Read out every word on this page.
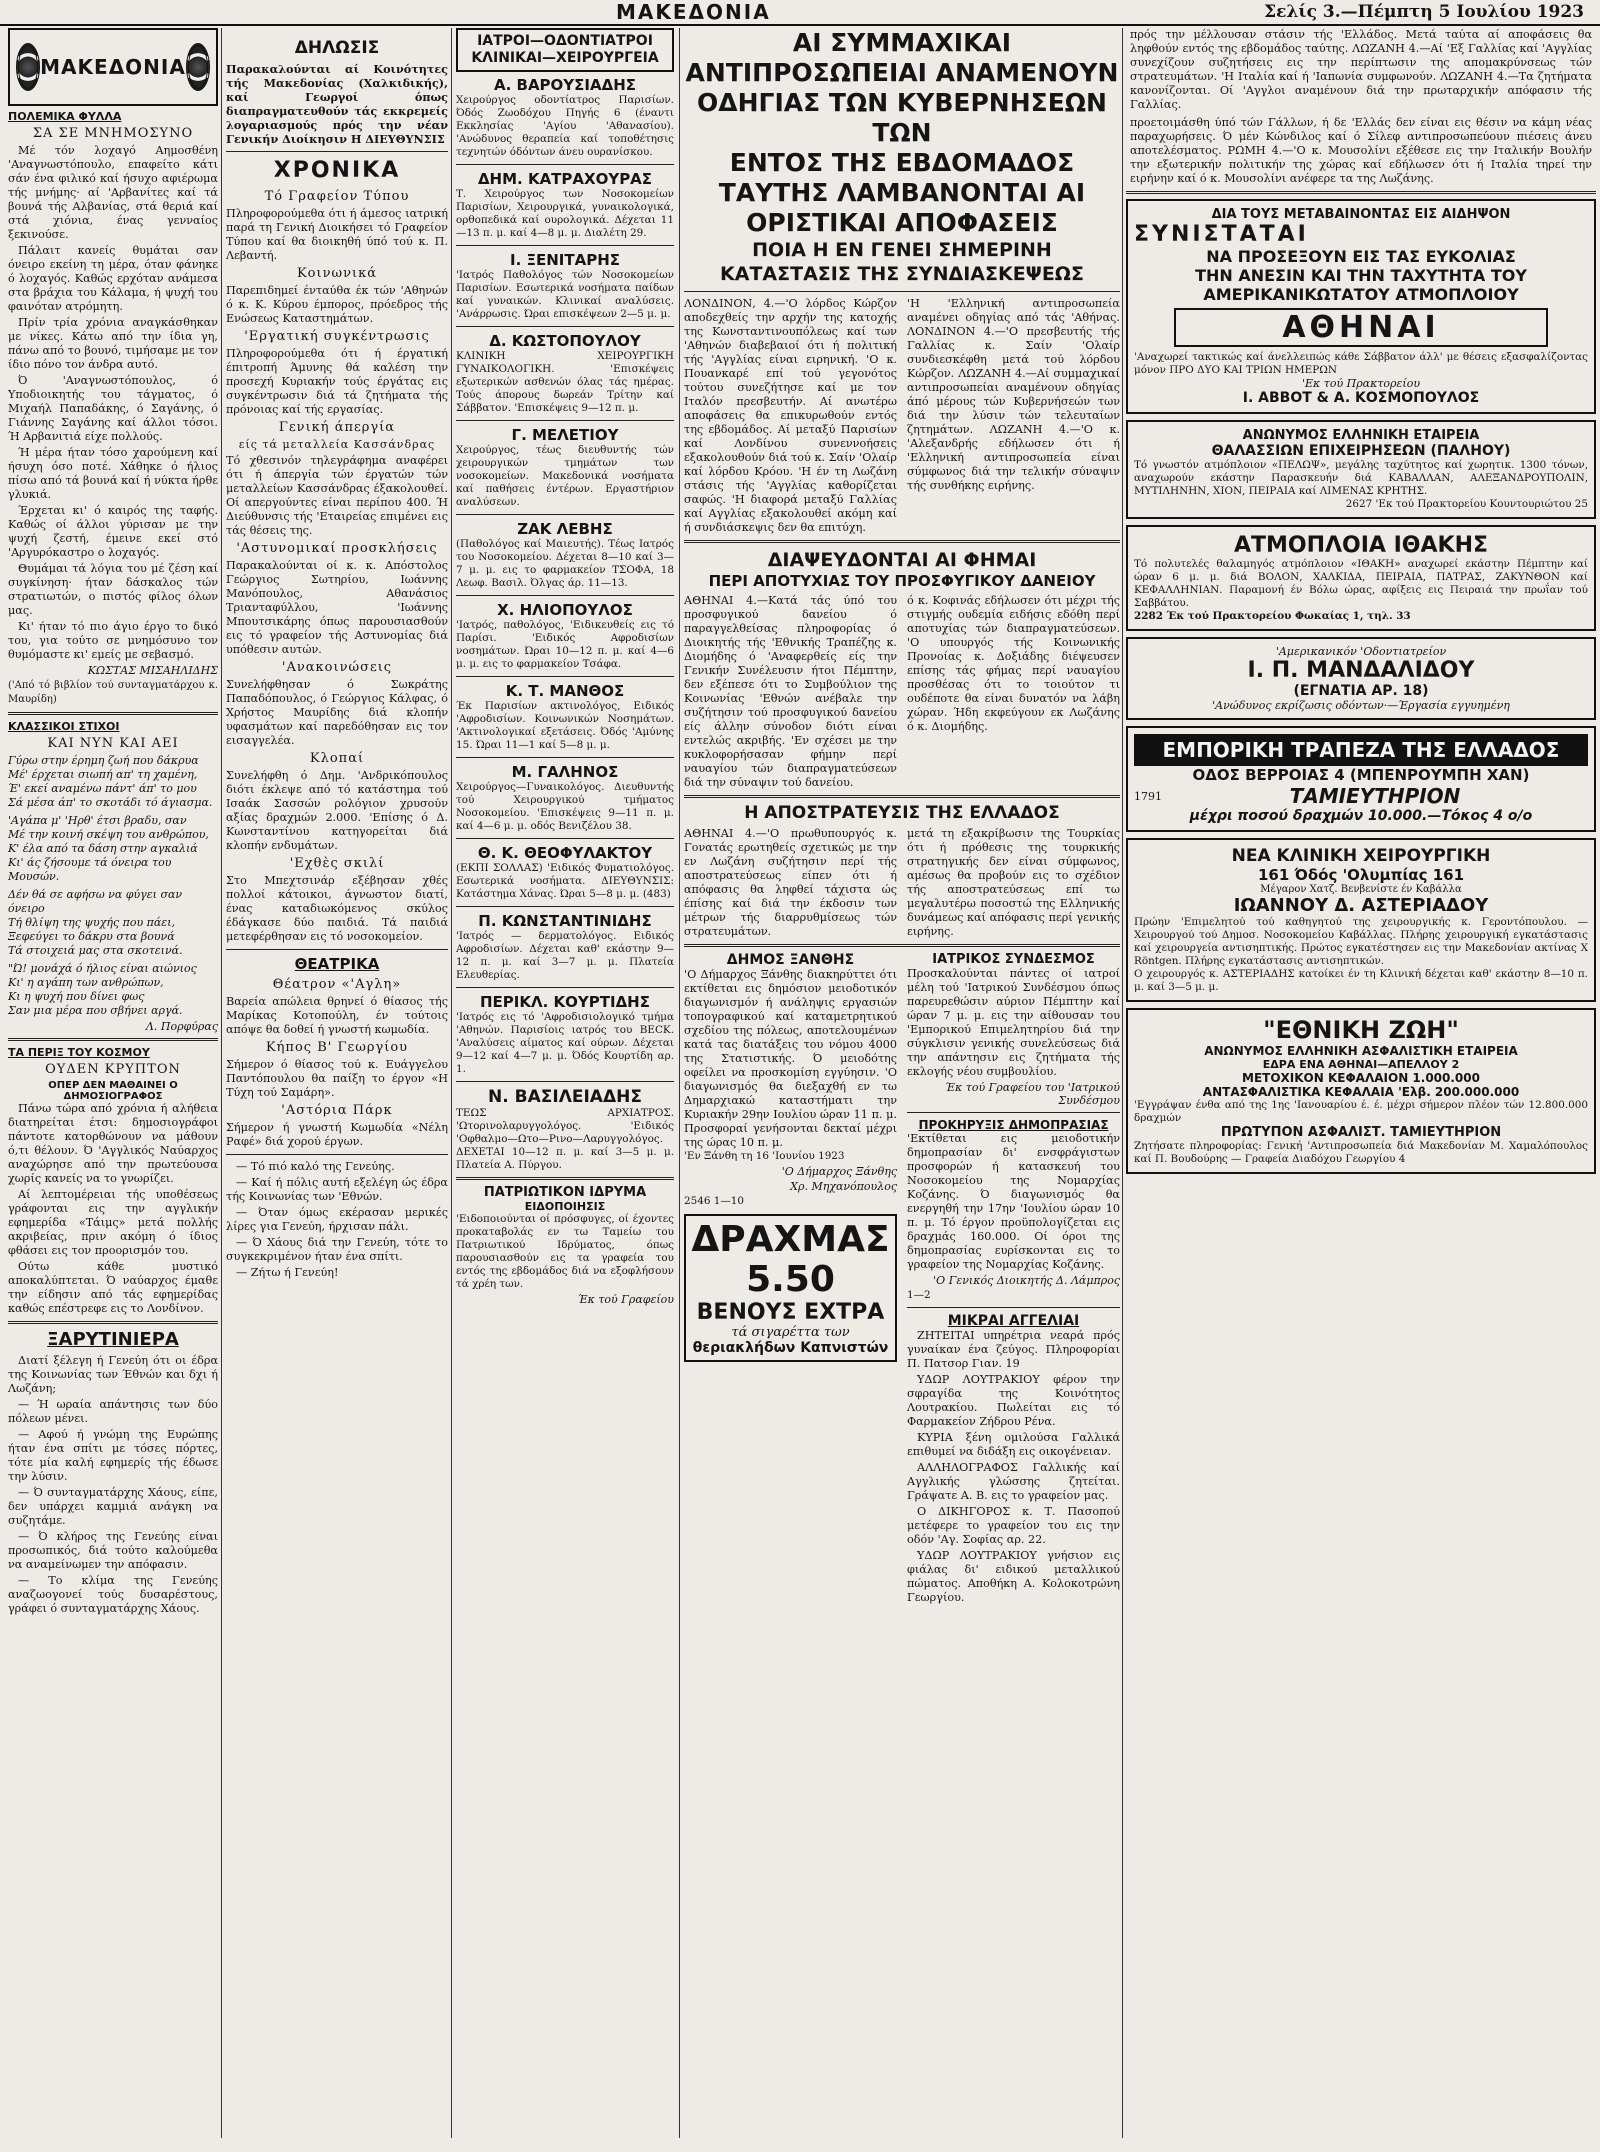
ΜΑΚΕΔΟΝΙΑ	Σελίς 3.—Πέμπτη 5 Ιουλίου 1923
ΜΑΚΕΔΟΝΙΑ
ΠΟΛΕΜΙΚΑ ΦΥΛΛΑ
ΣΑ ΣΕ ΜΝΗΜΟΣΥΝΟ

Μέ τόν λοχαγό Αημοσθένη 'Αναγνωστόπουλο, επαφείτο κάτι σάν ένα φιλικό καί ήσυχο αφιέρωμα τής μνήμης· αί 'Αρβανίτες καί τά βουνά τής Αλβανίας, στά θεριά καί στά χιόνια, ένας γενναίος ξεκινούσε.

Πάλαιτ κανείς θυμάται σαν όνειρο εκείνη τη μέρα, όταν φάνηκε ό λοχαγός. Καθώς ερχόταν ανάμεσα στα βράχια του Κάλαμα, ή ψυχή του φαινόταν ατρόμητη.

Πρίν τρία χρόνια αναγκάσθηκαν με νίκες. Κάτω από την ίδια γη, πάνω από το βουνό, τιμήσαμε με τον ίδιο πόνο τον άνδρα αυτό.

Ό 'Αναγνωστόπουλος, ό Υποδιοικητής του τάγματος, ό Μιχαήλ Παπαδάκης, ό Σαγάνης, ό Γιάννης Σαγάνης καί άλλοι τόσοι. Ή Αρβανιτιά είχε πολλούς.

Ή μέρα ήταν τόσο χαρούμενη καί ήσυχη όσο ποτέ. Χάθηκε ό ήλιος πίσω από τά βουνά καί ή νύκτα ήρθε γλυκιά.

Έρχεται κι' ό καιρός της ταφής. Καθώς οί άλλοι γύρισαν με την ψυχή ζεστή, έμεινε εκεί στό 'Αργυρόκαστρο ο λοχαγός.

Θυμάμαι τά λόγια του μέ ζέση καί συγκίνηση· ήταν δάσκαλος τών στρατιωτών, ο πιστός φίλος όλων μας.

Κι' ήταν τό πιο άγιο έργο το δικό του, για τούτο σε μνημόσυνο τον θυμόμαστε κι' εμείς με σεβασμό.

ΚΩΣΤΑΣ ΜΙΣΑΗΛΙΔΗΣ
('Από τό βιβλίον τού συνταγματάρχου κ. Μαυρίδη)
ΚΛΑΣΣΙΚΟΙ ΣΤΙΧΟΙ
ΚΑΙ ΝΥΝ ΚΑΙ ΑΕΙ
Γύρω στην έρημη ζωή που δάκρυα
Μέ' έρχεται σιωπή απ' τη χαμένη,
Έ' εκεί αναμένω πάντ' άπ' το μου
Σά μέσα άπ' το σκοτάδι τό άγιασμα.
'Αγάπα μ' 'Ηρθ' έτσι βραδυ, σαν
Μέ την κοινή σκέψη του ανθρώπου,
Κ' έλα από τα δάση στην αγκαλιά
Κι' άς ζήσουμε τά όνειρα του Μουσών.
Δέν θά σε αφήσω να φύγει σαν όνειρο
Τή θλίψη της ψυχής που πάει,
Ξεφεύγει το δάκρυ στα βουνά
Τά στοιχειά μας στα σκοτεινά.
"Ώ! μονάχά ό ήλιος είναι αιώνιος
Κι' η αγάπη των ανθρώπων,
Κι η ψυχή που δίνει φως
Σαν μια μέρα που σβήνει αργά.
Λ. Πορφύρας
ΤΑ ΠΕΡΙΞ ΤΟΥ ΚΟΣΜΟΥ
ΟΥΔΕΝ ΚΡΥΠΤΟΝ
ΟΠΕΡ ΔΕΝ ΜΑΘΑΙΝΕΙ Ο ΔΗΜΟΣΙΟΓΡΑΦΟΣ

Πάνω τώρα από χρόνια ή αλήθεια διατηρείται έτσι: δημοσιογράφοι πάντοτε κατορθώνουν να μάθουν ό,τι θέλουν. Ό 'Αγγλικός Ναύαρχος αναχώρησε από την πρωτεύουσα χωρίς κανείς να το γνωρίζει.

Αί λεπτομέρειαι τής υποθέσεως γράφονται εις την αγγλικήν εφημερίδα «Τάιμς» μετά πολλής ακριβείας, πριν ακόμη ό ίδιος φθάσει εις τον προορισμόν του.

Ούτω κάθε μυστικό αποκαλύπτεται. Ό ναύαρχος έμαθε την είδησιν από τάς εφημερίδας καθώς επέστρεφε εις το Λονδίνον.

ΞΑΡΥΤΙΝΙΕΡΑ

Διατί ξέλεγη ή Γενεύη ότι οι έδρα της Κοινωνίας των Έθνών και δχι ή Λωζάνη;

— Ή ωραία απάντησις των δύο πόλεων μένει.

— Αφού ή γνώμη της Ευρώπης ήταν ένα σπίτι με τόσες πόρτες, τότε μία καλή εφημερίς τής έδωσε την λύσιν.

— Ό συνταγματάρχης Χάους, είπε, δεν υπάρχει καμμιά ανάγκη να συζητάμε.

— Ό κλήρος της Γενεύης είναι προσωπικός, διά τούτο καλούμεθα να αναμείνωμεν την απόφασιν.

— Το κλίμα της Γενεύης αναζωογονεί τούς δυσαρέστους, γράφει ό συνταγματάρχης Χάους.

ΔΗΛΩΣΙΣ
Παρακαλούνται αί Κοινότητες τής Μακεδονίας (Χαλκιδικής), καί Γεωργοί όπως διαπραγματευθούν τάς εκκρεμείς λογαριασμούς πρός την νέαν Γενικήν Διοίκησιν Η ΔΙΕΥΘΥΝΣΙΣ
ΧΡΟΝΙΚΑ
Τό Γραφείον Τύπου
Πληροφορούμεθα ότι ή άμεσος ιατρική παρά τη Γενική Διοικήσει τό Γραφείον Τύπου καί θα διοικηθή ύπό τού κ. Π. Λεβαντή.
Κοινωνικά
Παρεπιδημεί ένταύθα έκ τών 'Αθηνών ό κ. Κ. Κύρου έμπορος, πρόεδρος τής Ενώσεως Καταστημάτων.
'Εργατική συγκέντρωσις
Πληροφορούμεθα ότι ή έργατική έπιτροπή Άμυνης θά καλέση την προσεχή Κυριακήν τούς έργάτας εις συγκέντρωσιν διά τά ζητήματα τής πρόνοιας καί τής εργασίας.
Γενική άπεργία
είς τά μεταλλεία Κασσάνδρας
Τό χθεσινόν τηλεγράφημα αναφέρει ότι ή άπεργία τών έργατών τών μεταλλείων Κασσάνδρας έξακολουθεί. Οί απεργούντες είναι περίπου 400. Ή Διεύθυνσις τής 'Εταιρείας επιμένει εις τάς θέσεις της.
'Αστυνομικαί προσκλήσεις
Παρακαλούνται οί κ. κ. Απόστολος Γεώργιος Σωτηρίου, Ιωάννης Μανόπουλος, Αθανάσιος Τριανταφύλλου, 'Ιωάννης Μπουτσικάρης όπως παρουσιασθούν εις τό γραφείον τής Αστυνομίας διά υπόθεσιν αυτών.
'Ανακοινώσεις
Συνελήφθησαν ό Σωκράτης Παπαδόπουλος, ό Γεώργιος Κάλφας, ό Χρήστος Μαυρίδης διά κλοπήν υφασμάτων καί παρεδόθησαν εις τον εισαγγελέα.
Κλοπαί
Συνελήφθη ό Δημ. 'Ανδρικόπουλος διότι έκλεψε από τό κατάστημα τού Ισαάκ Σασσών ρολόγιον χρυσούν αξίας δραχμών 2.000. 'Επίσης ό Δ. Κωνσταντίνου κατηγορείται διά κλοπήν ενδυμάτων.
'Εχθὲς σκιλί
Στο Μπεχτσινάρ εξέβησαν χθές πολλοί κάτοικοι, άγνωστον διατί, ένας καταδιωκόμενος σκύλος έδάγκασε δύο παιδιά. Τά παιδιά μετεφέρθησαν εις τό νοσοκομείον.
ΘΕΑΤΡΙΚΑ
Θέατρον «'Αγλη»
Βαρεία απώλεια θρηνεί ό θίασος τής Μαρίκας Κοτοπούλη, έν τούτοις απόψε θα δοθεί ή γνωστή κωμωδία.
Κήπος Β' Γεωργίου
Σήμερον ό θίασος τού κ. Ευάγγελου Παντόπουλου θα παίξη το έργον «Η Τύχη τού Σαμάρη».
'Αστόρια Πάρκ
Σήμερον ή γνωστή Κωμωδία «Νέλη Ραφέ» διά χορού έργων.

— Τό πιό καλό της Γενεύης.

— Καί ή πόλις αυτή εξελέγη ώς έδρα τής Κοινωνίας των 'Εθνών.

— Όταν όμως εκέρασαν μερικές λίρες για Γενεύη, ήρχισαν πάλι.

— Ό Χάους διά την Γενεύη, τότε το συγκεκριμένον ήταν ένα σπίτι.

— Ζήτω ή Γενεύη!

ΙΑΤΡΟΙ—ΟΔΟΝΤΙΑΤΡΟΙ ΚΛΙΝΙΚΑΙ—ΧΕΙΡΟΥΡΓΕΙΑ
Α. ΒΑΡΟΥΣΙΑΔΗΣ
Χειρούργος οδοντίατρος Παρισίων. Όδός Ζωοδόχου Πηγής 6 (έναντι Εκκλησίας 'Αγίου 'Αθανασίου). 'Ανώδυνος θεραπεία καί τοποθέτησις τεχνητών όδόντων άνευ ουρανίσκου.
ΔΗΜ. ΚΑΤΡΑΧΟΥΡΑΣ
Τ. Χειρούργος των Νοσοκομείων Παρισίων, Χειρουργικά, γυναικολογικά, ορθοπεδικά καί ουρολογικά. Δέχεται 11—13 π. μ. καί 4—8 μ. μ. Διαλέτη 29.
Ι. ΞΕΝΙΤΑΡΗΣ
'Ιατρός Παθολόγος τών Νοσοκομείων Παρισίων. Εσωτερικά νοσήματα παίδων καί γυναικών. Κλινικαί αναλύσεις. 'Ανάρρωσις. Ώραι επισκέψεων 2—5 μ. μ.
Δ. ΚΩΣΤΟΠΟΥΛΟΥ
ΚΛΙΝΙΚΗ ΧΕΙΡΟΥΡΓΙΚΗ ΓΥΝΑΙΚΟΛΟΓΙΚΗ. 'Επισκέψεις εξωτερικών ασθενών όλας τάς ημέρας. Τούς άπορους δωρεάν Τρίτην καί Σάββατον. 'Επισκέψεις 9—12 π. μ.
Γ. ΜΕΛΕΤΙΟΥ
Χειρούργος, τέως διευθυντής τών χειρουργικών τμημάτων των νοσοκομείων. Μακεδονικά νοσήματα καί παθήσεις έντέρων. Εργαστήριον αναλύσεων.
ΖΑΚ ΛΕΒΗΣ
(Παθολόγος καί Μαιευτής). Τέως Ιατρός του Νοσοκομείου. Δέχεται 8—10 καί 3—7 μ. μ. εις το φαρμακείον ΤΣΟΦΑ, 18 Λεωφ. Βασιλ. Όλγας άρ. 11—13.
Χ. ΗΛΙΟΠΟΥΛΟΣ
'Ιατρός, παθολόγος, 'Ειδικευθείς εις τό Παρίσι. 'Ειδικός Αφροδισίων νοσημάτων. Ώραι 10—12 π. μ. καί 4—6 μ. μ. εις το φαρμακείον Τσάφα.
Κ. Τ. ΜΑΝΘΟΣ
Έκ Παρισίων ακτινολόγος, Ειδικός 'Αφροδισίων. Κοινωνικών Νοσημάτων. 'Ακτινολογικαί εξετάσεις. Όδός 'Αμύνης 15. Ώραι 11—1 καί 5—8 μ. μ.
Μ. ΓΑΛΗΝΟΣ
Χειρούργος—Γυναικολόγος. Διευθυντής τού Χειρουργικού τμήματος Νοσοκομείου. 'Επισκέψεις 9—11 π. μ. καί 4—6 μ. μ. οδός Βενιζέλου 38.
Θ. Κ. ΘΕΟΦΥΛΑΚΤΟΥ
(ΕΚΠΙ ΣΟΛΛΑΣ) 'Ειδικός Φυματιολόγος. Εσωτερικά νοσήματα. ΔΙΕΥΘΥΝΣΙΣ: Κατάστημα Χάνας. Ώραι 5—8 μ. μ. (483)
Π. ΚΩΝΣΤΑΝΤΙΝΙΔΗΣ
'Ιατρός — δερματολόγος. Ειδικός Αφροδισίων. Δέχεται καθ' εκάστην 9—12 π. μ. καί 3—7 μ. μ. Πλατεία Ελευθερίας.
ΠΕΡΙΚΛ. ΚΟΥΡΤΙΔΗΣ
'Ιατρός εις τό 'Αφροδισιολογικό τμήμα 'Αθηνών. Παρισίοις ιατρός του BECK. 'Αναλύσεις αίματος καί ούρων. Δέχεται 9—12 καί 4—7 μ. μ. Όδός Κουρτίδη αρ. 1.
N. ΒΑΣΙΛΕΙΑΔΗΣ
ΤΕΩΣ ΑΡΧΙΑΤΡΟΣ. 'Ωτορινολαρυγγολόγος. 'Ειδικός 'Οφθαλμο—Ωτο—Ρινο—Λαρυγγολόγος. ΔΕΧΕΤΑΙ 10—12 π. μ. καί 3—5 μ. μ. Πλατεία Α. Πύργου.
ΠΑΤΡΙΩΤΙΚΟΝ ΙΔΡΥΜΑ
ΕΙΔΟΠΟΙΗΣΙΣ
'Ειδοποιούνται οί πρόσφυγες, οί έχοντες προκαταβολάς εν τω Ταμείω του Πατριωτικού Ιδρύματος, όπως παρουσιασθούν εις τα γραφεία του εντός της εβδομάδος διά να εξοφλήσουν τά χρέη των.
Έκ τού Γραφείου
ΑΙ ΣΥΜΜΑΧΙΚΑΙ ΑΝΤΙΠΡΟΣΩΠΕΙΑΙ ΑΝΑΜΕΝΟΥΝ ΟΔΗΓΙΑΣ ΤΩΝ ΚΥΒΕΡΝΗΣΕΩΝ ΤΩΝ
ΕΝΤΟΣ ΤΗΣ ΕΒΔΟΜΑΔΟΣ ΤΑΥΤΗΣ ΛΑΜΒΑΝΟΝΤΑΙ ΑΙ ΟΡΙΣΤΙΚΑΙ ΑΠΟΦΑΣΕΙΣ
ΠΟΙΑ Η ΕΝ ΓΕΝΕΙ ΣΗΜΕΡΙΝΗ ΚΑΤΑΣΤΑΣΙΣ ΤΗΣ ΣΥΝΔΙΑΣΚΕΨΕΩΣ
ΛΟΝΔΙΝΟΝ, 4.—'Ο λόρδος Κώρζον αποδεχθείς την αρχήν της κατοχής της Κωνσταντινουπόλεως καί των 'Αθηνών διαβεβαιοί ότι ή πολιτική τής 'Αγγλίας είναι ειρηνική. 'Ο κ. Πουανκαρέ επί τού γεγονότος τούτου συνεζήτησε καί με τον Ιταλόν πρεσβευτήν. Αί ανωτέρω αποφάσεις θα επικυρωθούν εντός της εβδομάδος. Αί μεταξύ Παρισίων καί Λονδίνου συνεννοήσεις εξακολουθούν διά τού κ. Σαίν 'Ολαίρ καί λόρδου Κρόου. 'Η έν τη Λωζάνη στάσις τής 'Αγγλίας καθορίζεται σαφώς. 'Η διαφορά μεταξύ Γαλλίας καί Αγγλίας εξακολουθεί ακόμη καί ή συνδιάσκεψις δεν θα επιτύχη.
'Η 'Ελληνική αντιπροσωπεία αναμένει οδηγίας από τάς 'Αθήνας. ΛΟΝΔΙΝΟΝ 4.—'Ο πρεσβευτής τής Γαλλίας κ. Σαίν 'Ολαίρ συνδιεσκέφθη μετά τού λόρδου Κώρζον. ΛΩΖΑΝΗ 4.—Αί συμμαχικαί αντιπροσωπείαι αναμένουν οδηγίας άπό μέρους τών Κυβερνήσεών των διά την λύσιν τών τελευταίων ζητημάτων. ΛΩΖΑΝΗ 4.—'Ο κ. 'Αλεξανδρής εδήλωσεν ότι ή 'Ελληνική αντιπροσωπεία είναι σύμφωνος διά την τελικήν σύναψιν τής συνθήκης ειρήνης.
ΔΙΑΨΕΥΔΟΝΤΑΙ ΑΙ ΦΗΜΑΙ
ΠΕΡΙ ΑΠΟΤΥΧΙΑΣ ΤΟΥ ΠΡΟΣΦΥΓΙΚΟΥ ΔΑΝΕΙΟΥ
ΑΘΗΝΑΙ 4.—Κατά τάς ύπό του προσφυγικού δανείου ό παραγγελθείσας πληροφορίας ό Διοικητής τής 'Εθνικής Τραπέζης κ. Διομήδης ό 'Αναφερθείς είς την Γενικήν Συνέλευσιν ήτοι Πέμπτην, δεν εξέπεσε ότι το Συμβούλιον της Κοινωνίας 'Εθνών ανέβαλε την συζήτησιν τού προσφυγικού δανείου είς άλλην σύνοδον διότι είναι εντελώς ακριβής. 'Εν σχέσει με την κυκλοφορήσασαν φήμην περί ναυαγίου τών διαπραγματεύσεων διά την σύναψιν τού δανείου.
ό κ. Κοφινάς εδήλωσεν ότι μέχρι τής στιγμής ουδεμία ειδήσις εδόθη περί αποτυχίας τών διαπραγματεύσεων. 'Ο υπουργός τής Κοινωνικής Προνοίας κ. Δοξιάδης διέψευσεν επίσης τάς φήμας περί ναυαγίου προσθέσας ότι το τοιούτον τι ουδέποτε θα είναι δυνατόν να λάβη χώραν. Ήδη εκφεύγουν εκ Λωζάνης ό κ. Διομήδης.
Η ΑΠΟΣΤΡΑΤΕΥΣΙΣ ΤΗΣ ΕΛΛΑΔΟΣ
ΑΘΗΝΑΙ 4.—'Ο πρωθυπουργός κ. Γονατάς ερωτηθείς σχετικώς με την εν Λωζάνη συζήτησιν περί τής αποστρατεύσεως είπεν ότι ή απόφασις θα ληφθεί τάχιστα ώς έπίσης καί διά την έκδοσιν των μέτρων τής διαρρυθμίσεως τών στρατευμάτων.
μετά τη εξακρίβωσιν της Τουρκίας ότι ή πρόθεσις της τουρκικής στρατηγικής δεν είναι σύμφωνος, αμέσως θα προβούν εις το σχέδιον τής αποστρατεύσεως επί τω μεγαλυτέρω ποσοστώ της Ελληνικής δυνάμεως καί απόφασις περί γενικής ειρήνης.
ΔΗΜΟΣ ΞΑΝΘΗΣ
'Ο Δήμαρχος Ξάνθης διακηρύττει ότι εκτίθεται εις δημόσιον μειοδοτικόν διαγωνισμόν ή ανάληψις εργασιών τοπογραφικού καί καταμετρητικού σχεδίου της πόλεως, αποτελουμένων κατά τας διατάξεις του νόμου 4000 της Στατιστικής. Ό μειοδότης οφείλει να προσκομίση εγγύησιν. 'Ο διαγωνισμός θα διεξαχθή εν τω Δημαρχιακώ καταστήματι την Κυριακήν 29ην Ιουλίου ώραν 11 π. μ. Προσφοραί γενήσονται δεκταί μέχρι της ώρας 10 π. μ.
'Εν Ξάνθη τη 16 'Ιουνίου 1923
'Ο Δήμαρχος Ξάνθης
Χρ. Μηχανόπουλος
2546 1—10
ΔΡΑΧΜΑΣ 5.50
ΒΕΝΟΥΣ ΕΧΤΡΑ
τά σιγαρέττα των
θεριακλήδων Καπνιστών
ΙΑΤΡΙΚΟΣ ΣΥΝΔΕΣΜΟΣ
Προσκαλούνται πάντες οί ιατροί μέλη τού 'Ιατρικού Συνδέσμου όπως παρευρεθώσιν αύριον Πέμπτην καί ώραν 7 μ. μ. εις την αίθουσαν του 'Εμπορικού Επιμελητηρίου διά την σύγκλισιν γενικής συνελεύσεως διά την απάντησιν εις ζητήματα τής εκλογής νέου συμβουλίου.
Έκ τού Γραφείου του 'Ιατρικού Συνδέσμου
ΠΡΟΚΗΡΥΞΙΣ ΔΗΜΟΠΡΑΣΙΑΣ
'Εκτίθεται εις μειοδοτικήν δημοπρασίαν δι' ενσφράγιστων προσφορών ή κατασκευή του Νοσοκομείου της Νομαρχίας Κοζάνης. Ό διαγωνισμός θα ενεργηθή την 17ην 'Ιουλίου ώραν 10 π. μ. Τό έργον προϋπολογίζεται εις δραχμάς 160.000. Οί όροι της δημοπρασίας ευρίσκονται εις το γραφείον της Νομαρχίας Κοζάνης.
'Ο Γενικός Διοικητής Δ. Λάμπρος
1—2
ΜΙΚΡΑΙ ΑΓΓΕΛΙΑΙ

ΖΗΤΕΙΤΑΙ υπηρέτρια νεαρά πρός γυναίκαν ένα ζεύγος. Πληροφορίαι Π. Πατσορ Γιαν. 19

ΥΔΩΡ ΛΟΥΤΡΑΚΙΟΥ φέρον την σφραγίδα της Κοινότητος Λουτρακίου. Πωλείται εις τό Φαρμακείον Ζήδρου Ρένα.

ΚΥΡΙΑ ξένη ομιλούσα Γαλλικά επιθυμεί να διδάξη εις οικογένειαν.

ΑΛΛΗΛΟΓΡΑΦΟΣ Γαλλικής καί Αγγλικής γλώσσης ζητείται. Γράψατε Α. Β. εις το γραφείον μας.

Ο ΔΙΚΗΓΟΡΟΣ κ. Τ. Πασοπού μετέφερε το γραφείον του εις την οδόν 'Αγ. Σοφίας αρ. 22.

ΥΔΩΡ ΛΟΥΤΡΑΚΙΟΥ γνήσιον εις φιάλας δι' ειδικού μεταλλικού πώματος. Αποθήκη Α. Κολοκοτρώνη Γεωργίου.

πρός την μέλλουσαν στάσιν τής 'Ελλάδος. Μετά ταύτα αί αποφάσεις θα ληφθούν εντός της εβδομάδος ταύτης. ΛΩΖΑΝΗ 4.—Αί 'Εξ Γαλλίας καί 'Αγγλίας συνεχίζουν συζητήσεις εις την περίπτωσιν της απομακρύνσεως τών στρατευμάτων. 'Η Ιταλία καί ή 'Ιαπωνία συμφωνούν. ΛΩΖΑΝΗ 4.—Τα ζητήματα κανονίζονται. Οί 'Αγγλοι αναμένουν διά την πρωταρχικήν απόφασιν τής Γαλλίας.
προετοιμάσθη ύπό τών Γάλλων, ή δε 'Ελλάς δεν είναι εις θέσιν να κάμη νέας παραχωρήσεις. Ό μέν Κώνδιλος καί ό Σίλεφ αντιπροσωπεύουν πιέσεις άνευ αποτελέσματος. ΡΩΜΗ 4.—'Ο κ. Μουσολίνι εξέθεσε εις την Ιταλικήν Βουλήν την εξωτερικήν πολιτικήν της χώρας καί εδήλωσεν ότι ή Ιταλία τηρεί την ειρήνην καί ό κ. Μουσολίνι ανέφερε τα της Λωζάνης.
ΔΙΑ ΤΟΥΣ ΜΕΤΑΒΑΙΝΟΝΤΑΣ ΕΙΣ ΑΙΔΗΨΟΝ
ΣΥΝΙΣΤΑΤΑΙ
ΝΑ ΠΡΟΣΕΞΟΥΝ ΕΙΣ ΤΑΣ ΕΥΚΟΛΙΑΣ
ΤΗΝ ΑΝΕΣΙΝ ΚΑΙ ΤΗΝ ΤΑΧΥΤΗΤΑ ΤΟΥ
ΑΜΕΡΙΚΑΝΙΚΩΤΑΤΟΥ ΑΤΜΟΠΛΟΙΟΥ
ΑΘΗΝΑΙ
'Αναχωρεί τακτικώς καί άνελλειπώς κάθε Σάββατον άλλ' με θέσεις εξασφαλίζοντας μόνον ΠΡΟ ΔΥΟ ΚΑΙ ΤΡΙΩΝ ΗΜΕΡΩΝ
'Εκ τού Πρακτορείου
Ι. ABBOT & A. ΚΟΣΜΟΠΟΥΛΟΣ
ΑΝΩΝΥΜΟΣ ΕΛΛΗΝΙΚΗ ΕΤΑΙΡΕΙΑ
ΘΑΛΑΣΣΙΩΝ ΕΠΙΧΕΙΡΗΣΕΩΝ (ΠΑΛΗΟΥ)
Τό γνωστόν ατμόπλοιον «ΠΕΛΩΨ», μεγάλης ταχύτητος καί χωρητικ. 1300 τόνων, αναχωρούν εκάστην Παρασκευήν διά ΚΑΒΑΛΛΑΝ, ΑΛΕΞΑΝΔΡΟΥΠΟΛΙΝ, ΜΥΤΙΛΗΝΗΝ, ΧΙΟΝ, ΠΕΙΡΑΙΑ καί ΛΙΜΕΝΑΣ ΚΡΗΤΗΣ.
2627 'Εκ τού Πρακτορείου Κουντουριώτου 25
ΑΤΜΟΠΛΟΙΑ ΙΘΑΚΗΣ
Τό πολυτελές θαλαμηγός ατμόπλοιον «ΙΘΑΚΗ» αναχωρεί εκάστην Πέμπτην καί ώραν 6 μ. μ. διά ΒΟΛΟΝ, ΧΑΛΚΙΔΑ, ΠΕΙΡΑΙΑ, ΠΑΤΡΑΣ, ΖΑΚΥΝΘΟΝ καί ΚΕΦΑΛΛΗΝΙΑΝ. Παραμονή έν Βόλω ώρας, αφίξεις εις Πειραιά την πρωΐαν τού Σαββάτου.
2282 Έκ τού Πρακτορείου Φωκαίας 1, τηλ. 33
'Αμερικανικόν 'Οδοντιατρείον
Ι. Π. ΜΑΝΔΑΛΙΔΟΥ
(ΕΓΝΑΤΙΑ ΑΡ. 18)
'Ανώδυνος εκρίζωσις οδόντων·—Έργασία εγγυημένη
ΕΜΠΟΡΙΚΗ ΤΡΑΠΕΖΑ ΤΗΣ ΕΛΛΑΔΟΣ
ΟΔΟΣ ΒΕΡΡΟΙΑΣ 4 (ΜΠΕΝΡΟΥΜΠΗ ΧΑΝ)
1791	ΤΑΜΙΕΥΤΗΡΙΟΝ
μέχρι ποσού δραχμών 10.000.—Τόκος 4 ο/ο
ΝΕΑ ΚΛΙΝΙΚΗ ΧΕΙΡΟΥΡΓΙΚΗ
161 Όδός 'Ολυμπίας 161
Μέγαρον Χατζ. Βενβενίστε έν Καβάλλα
ΙΩΑΝΝΟΥ Δ. ΑΣΤΕΡΙΑΔΟΥ
Πρώην 'Επιμελητού τού καθηγητού της χειρουργικής κ. Γεροντόπουλου. —Χειρουργού τού Δημοσ. Νοσοκομείου Καβάλλας. Πλήρης χειρουργική εγκατάστασις καί χειρουργεία αντισηπτικής. Πρώτος εγκατέστησεν εις την Μακεδονίαν ακτίνας Χ Röntgen. Πλήρης εγκατάστασις αντισηπτικών.
Ο χειρουργός κ. ΑΣΤΕΡΙΑΔΗΣ κατοίκει έν τη Κλινική δέχεται καθ' εκάστην 8—10 π. μ. καί 3—5 μ. μ.
"ΕΘΝΙΚΗ ΖΩΗ"
ΑΝΩΝΥΜΟΣ ΕΛΛΗΝΙΚΗ ΑΣΦΑΛΙΣΤΙΚΗ ΕΤΑΙΡΕΙΑ
ΕΔΡΑ ΕΝΑ ΑΘΗΝΑΙ—ΑΠΕΛΛΟΥ 2
ΜΕΤΟΧΙΚΟΝ ΚΕΦΑΛΑΙΟΝ 1.000.000
ΑΝΤΑΣΦΑΛΙΣΤΙΚΑ ΚΕΦΑΛΑΙΑ 'Ελβ. 200.000.000
'Εγγράψαν ένθα από της 1ης 'Ιανουαρίου έ. έ. μέχρι σήμερον πλέον τών 12.800.000 δραχμών
ΠΡΩΤΥΠΟΝ ΑΣΦΑΛΙΣΤ. ΤΑΜΙΕΥΤΗΡΙΟΝ
Ζητήσατε πληροφορίας: Γενική 'Αντιπροσωπεία διά Μακεδονίαν Μ. Χαμαλόπουλος καί Π. Βουδούρης — Γραφεία Διαδόχου Γεωργίου 4
